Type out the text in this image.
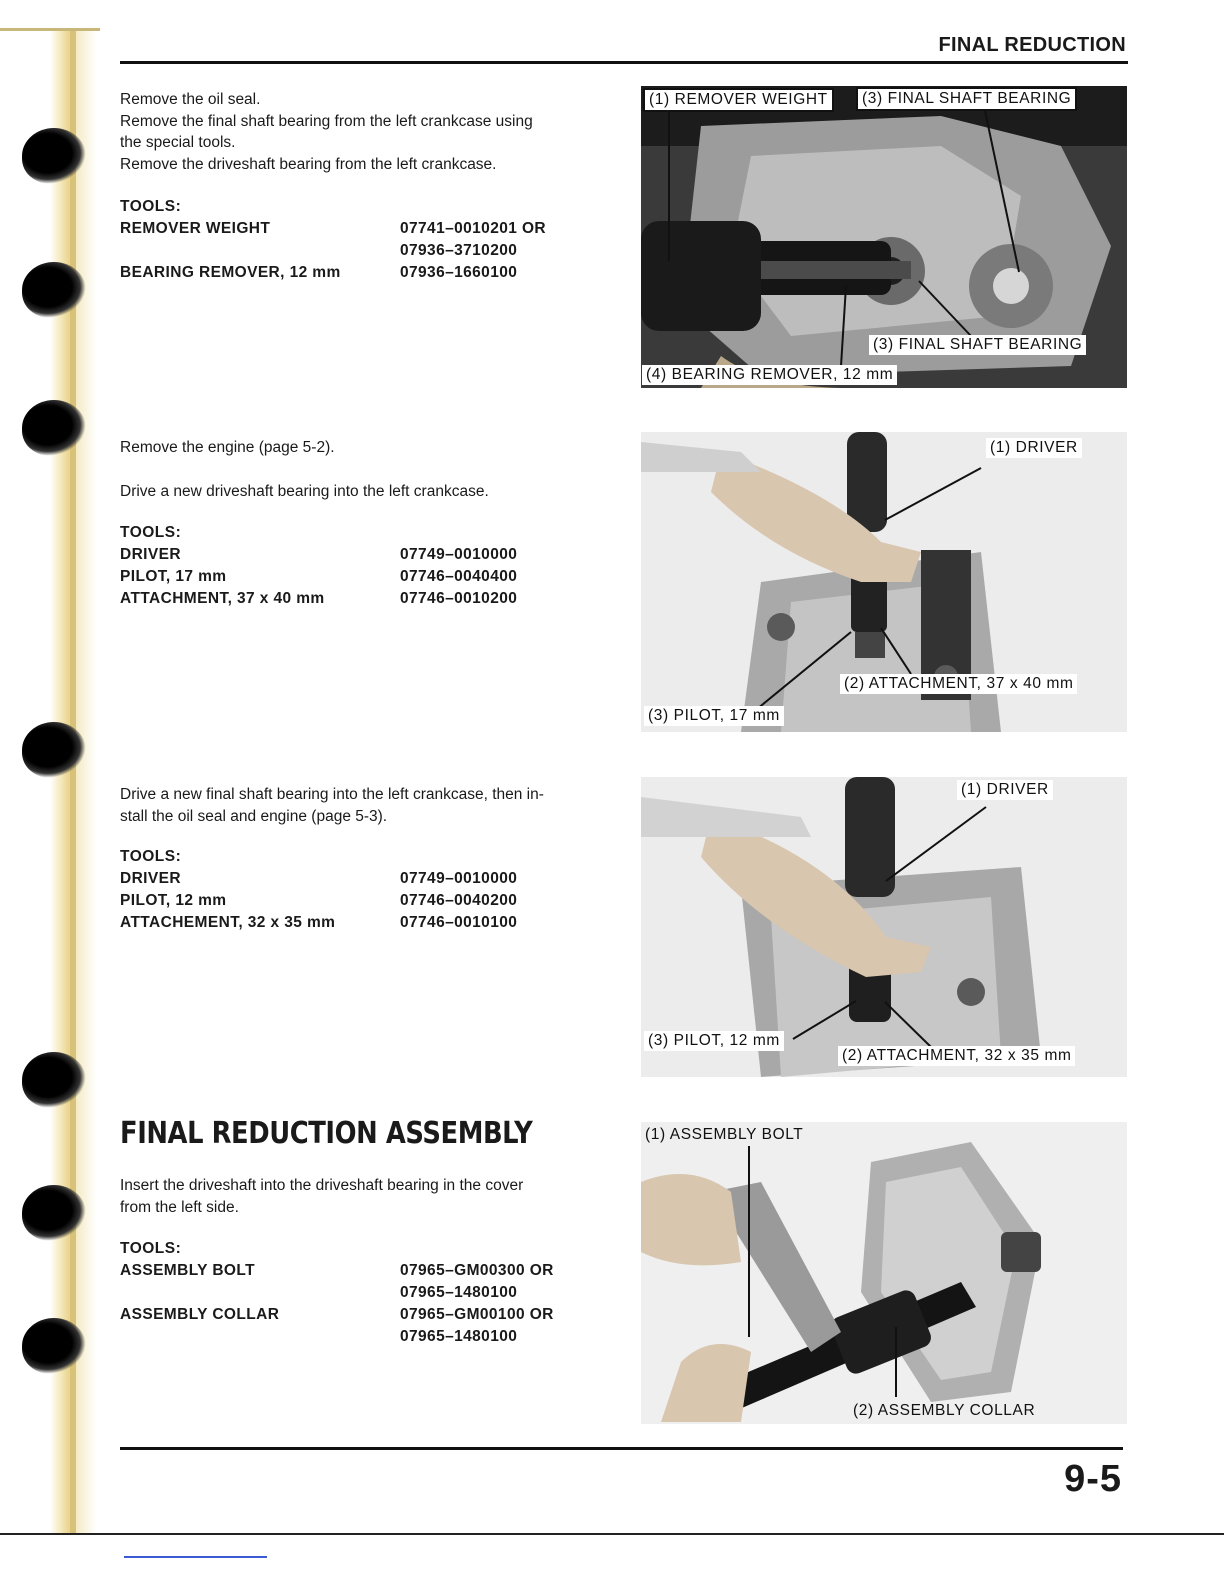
FINAL REDUCTION

Remove the oil seal.

Remove the final shaft bearing from the left crankcase using

the special tools.

Remove the driveshaft bearing from the left crankcase.

TOOLS:
REMOVER WEIGHT	07741–0010201 OR
07936–3710200
BEARING REMOVER, 12 mm	07936–1660100
(1) REMOVER WEIGHT	(3) FINAL SHAFT BEARING
(3) FINAL SHAFT BEARING
(4) BEARING REMOVER, 12 mm

Remove the engine (page 5-2).

Drive a new driveshaft bearing into the left crankcase.

TOOLS:
DRIVER	07749–0010000
PILOT, 17 mm	07746–0040400
ATTACHMENT, 37 x 40 mm	07746–0010200
(1) DRIVER
(2) ATTACHMENT, 37 x 40 mm
(3) PILOT, 17 mm

Drive a new final shaft bearing into the left crankcase, then in-

stall the oil seal and engine (page 5-3).

TOOLS:
DRIVER	07749–0010000
PILOT, 12 mm	07746–0040200
ATTACHEMENT, 32 x 35 mm	07746–0010100
(1) DRIVER
(3) PILOT, 12 mm
(2) ATTACHMENT, 32 x 35 mm
FINAL REDUCTION ASSEMBLY

Insert the driveshaft into the driveshaft bearing in the cover

from the left side.

TOOLS:
ASSEMBLY BOLT	07965–GM00300 OR
07965–1480100
ASSEMBLY COLLAR	07965–GM00100 OR
07965–1480100
(1) ASSEMBLY BOLT
(2) ASSEMBLY COLLAR
9-5
